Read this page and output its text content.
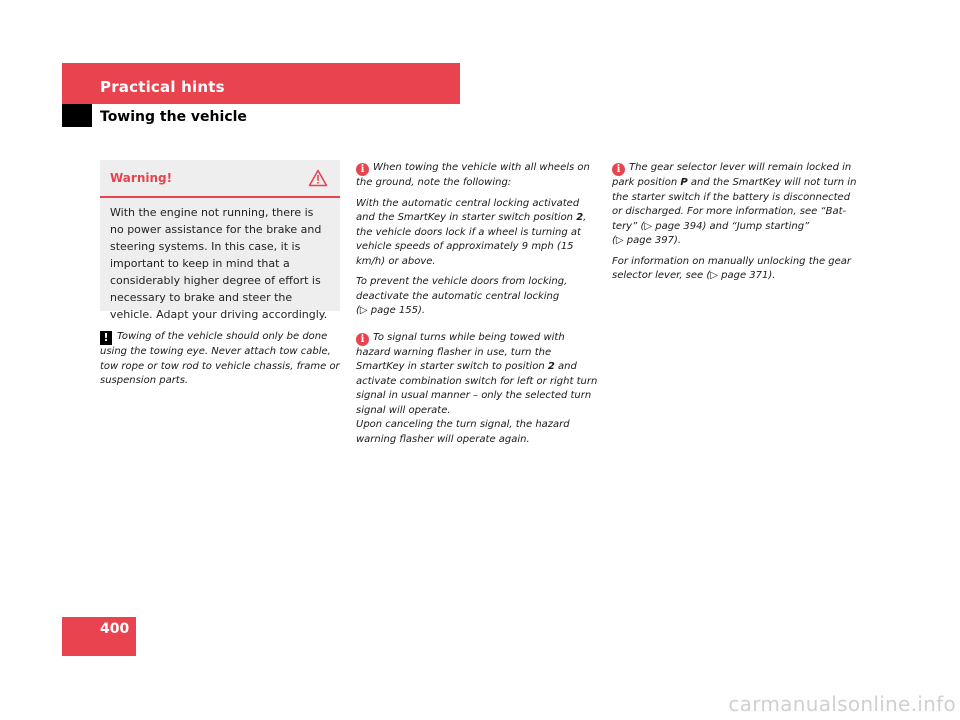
Practical hints
Towing the vehicle
Warning!
With the engine not running, there is no power assistance for the brake and steering systems. In this case, it is important to keep in mind that a considerably higher degree of effort is necessary to brake and steer the vehicle. Adapt your driving accordingly.

! Towing of the vehicle should only be done using the towing eye. Never attach tow cable, tow rope or tow rod to vehicle chassis, frame or suspension parts.

i When towing the vehicle with all wheels on the ground, note the following:

With the automatic central locking activated and the SmartKey in starter switch position 2, the vehicle doors lock if a wheel is turning at vehicle speeds of approximately 9 mph (15 km/h) or above.

To prevent the vehicle doors from locking, deactivate the automatic central locking
(▷ page 155).

i To signal turns while being towed with hazard warning flasher in use, turn the SmartKey in starter switch to position 2 and activate combination switch for left or right turn signal in usual manner – only the selected turn signal will operate.
Upon canceling the turn signal, the hazard warning flasher will operate again.

i The gear selector lever will remain locked in park position P and the SmartKey will not turn in the starter switch if the battery is disconnected or discharged. For more information, see “Bat-tery” (▷ page 394) and “Jump starting”
(▷ page 397).

For information on manually unlocking the gear selector lever, see (▷ page 371).

400
carmanualsonline.info
